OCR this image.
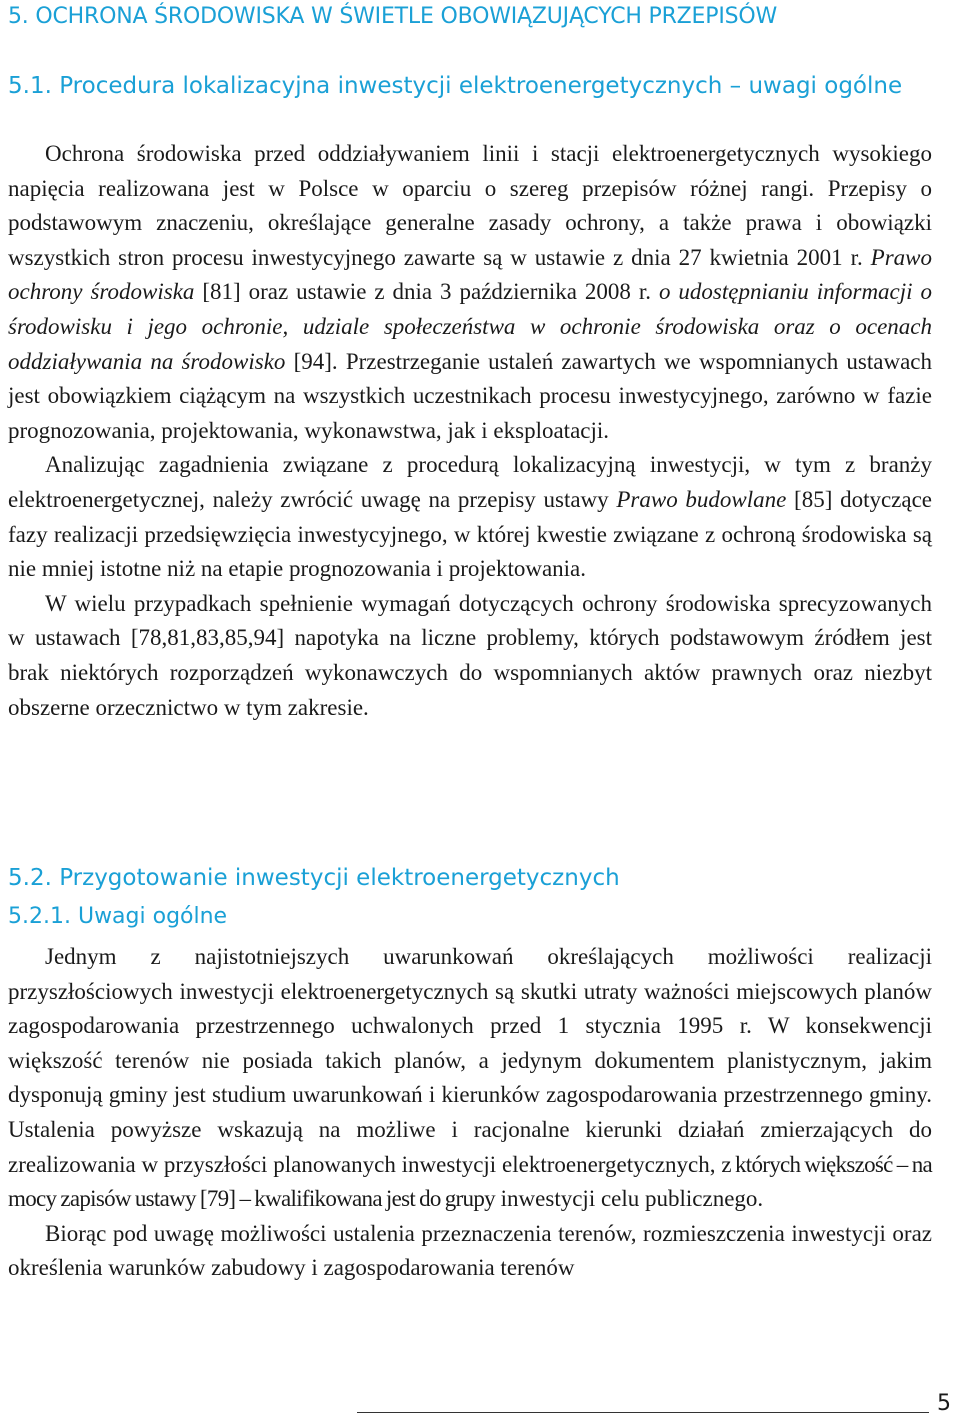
5. OCHRONA ŚRODOWISKA W ŚWIETLE OBOWIĄZUJĄCYCH PRZEPISÓW
5.1. Procedura lokalizacyjna inwestycji elektroenergetycznych – uwagi ogólne

Ochrona środowiska przed oddziaływaniem linii i stacji elektroenergetycznych wysokiego napięcia realizowana jest w Polsce w oparciu o szereg przepisów różnej rangi. Przepisy o podstawowym znaczeniu, określające generalne zasady ochrony, a także prawa i obowiązki wszystkich stron procesu inwestycyjnego zawarte są w ustawie z dnia 27 kwietnia 2001 r. Prawo ochrony środowiska [81] oraz ustawie z dnia 3 października 2008 r. o udostępnianiu informacji o środowisku i jego ochronie, udziale społeczeństwa w ochronie środowiska oraz o ocenach oddziaływania na środowisko [94]. Przestrzeganie ustaleń zawartych we wspomnianych ustawach jest obowiązkiem ciążącym na wszystkich uczestnikach procesu inwestycyjnego, zarówno w fazie prognozowania, projektowania, wykonawstwa, jak i eksploatacji.

Analizując zagadnienia związane z procedurą lokalizacyjną inwestycji, w tym z branży elektroenergetycznej, należy zwrócić uwagę na przepisy ustawy Prawo budowlane [85] dotyczące fazy realizacji przedsięwzięcia inwestycyjnego, w której kwestie związane z ochroną środowiska są nie mniej istotne niż na etapie prognozowania i projektowania.

W wielu przypadkach spełnienie wymagań dotyczących ochrony środowiska sprecyzowanych w ustawach [78,81,83,85,94] napotyka na liczne problemy, których podstawowym źródłem jest brak niektórych rozporządzeń wykonawczych do wspomnianych aktów prawnych oraz niezbyt obszerne orzecznictwo w tym zakresie.

5.2. Przygotowanie inwestycji elektroenergetycznych
5.2.1. Uwagi ogólne

Jednym z najistotniejszych uwarunkowań określających możliwości realizacji przyszłościowych inwestycji elektroenergetycznych są skutki utraty ważności miejscowych planów zagospodarowania przestrzennego uchwalonych przed 1 stycznia 1995 r. W konsekwencji większość terenów nie posiada takich planów, a jedynym dokumentem planistycznym, jakim dysponują gminy jest studium uwarunkowań i kierunków zagospodarowania przestrzennego gminy. Ustalenia powyższe wskazują na możliwe i racjonalne kierunki działań zmierzających do zrealizowania w przyszłości planowanych inwestycji elektroenergetycznych, z których większość – na mocy zapisów ustawy [79] – kwalifikowana jest do grupy inwestycji celu publicznego.

Biorąc pod uwagę możliwości ustalenia przeznaczenia terenów, rozmieszczenia inwestycji oraz określenia warunków zabudowy i zagospodarowania terenów

5
